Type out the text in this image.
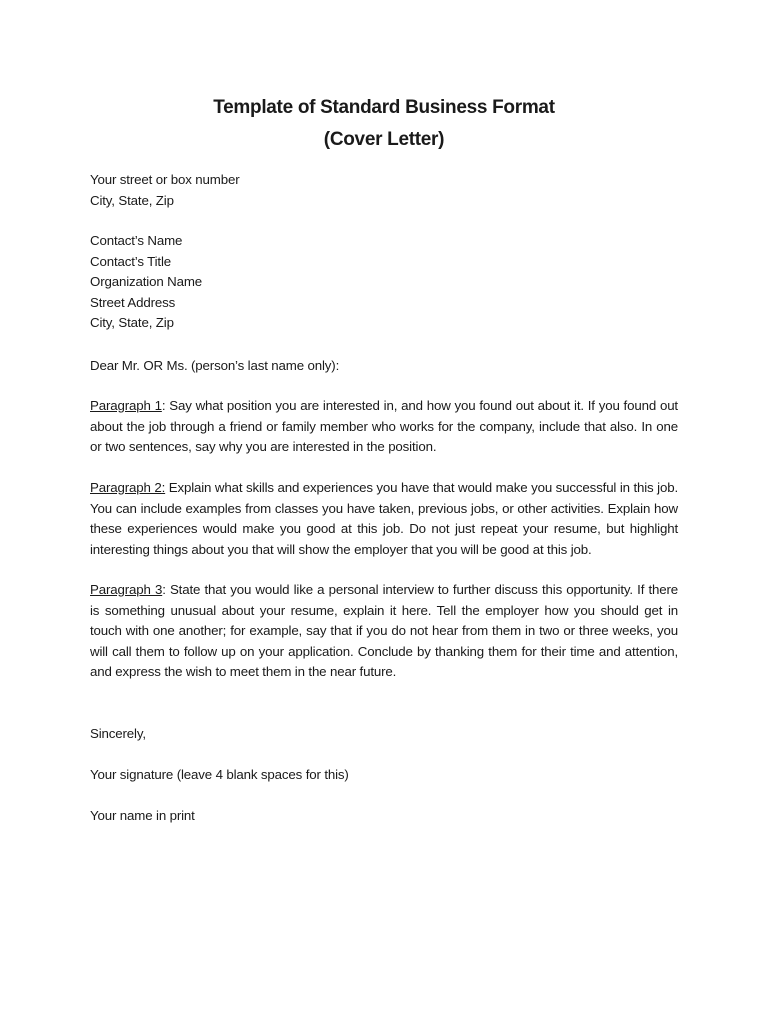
Template of Standard Business Format
(Cover Letter)
Your street or box number
City, State, Zip
Contact’s Name
Contact’s Title
Organization Name
Street Address
City, State, Zip
Dear Mr. OR Ms. (person’s last name only):

Paragraph 1: Say what position you are interested in, and how you found out about it. If you found out about the job through a friend or family member who works for the company, include that also. In one or two sentences, say why you are interested in the position.

Paragraph 2: Explain what skills and experiences you have that would make you successful in this job. You can include examples from classes you have taken, previous jobs, or other activities. Explain how these experiences would make you good at this job. Do not just repeat your resume, but highlight interesting things about you that will show the employer that you will be good at this job.

Paragraph 3: State that you would like a personal interview to further discuss this opportunity. If there is something unusual about your resume, explain it here. Tell the employer how you should get in touch with one another; for example, say that if you do not hear from them in two or three weeks, you will call them to follow up on your application. Conclude by thanking them for their time and attention, and express the wish to meet them in the near future.

Sincerely,
Your signature (leave 4 blank spaces for this)
Your name in print
